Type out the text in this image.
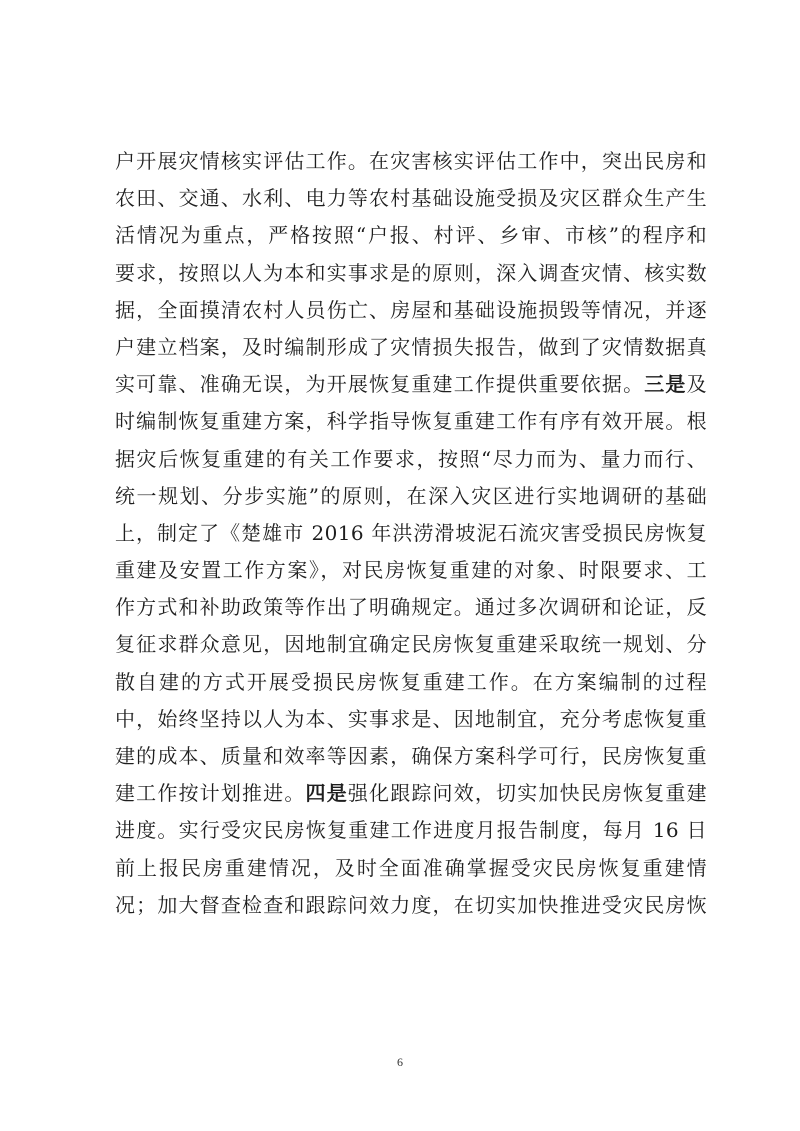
户开展灾情核实评估工作。在灾害核实评估工作中，突出民房和
农田、交通、水利、电力等农村基础设施受损及灾区群众生产生
活情况为重点，严格按照“户报、村评、乡审、市核”的程序和
要求，按照以人为本和实事求是的原则，深入调查灾情、核实数
据，全面摸清农村人员伤亡、房屋和基础设施损毁等情况，并逐
户建立档案，及时编制形成了灾情损失报告，做到了灾情数据真
实可靠、准确无误，为开展恢复重建工作提供重要依据。三是及
时编制恢复重建方案，科学指导恢复重建工作有序有效开展。根
据灾后恢复重建的有关工作要求，按照“尽力而为、量力而行、
统一规划、分步实施”的原则，在深入灾区进行实地调研的基础
上，制定了《楚雄市 2016 年洪涝滑坡泥石流灾害受损民房恢复
重建及安置工作方案》，对民房恢复重建的对象、时限要求、工
作方式和补助政策等作出了明确规定。通过多次调研和论证，反
复征求群众意见，因地制宜确定民房恢复重建采取统一规划、分
散自建的方式开展受损民房恢复重建工作。在方案编制的过程
中，始终坚持以人为本、实事求是、因地制宜，充分考虑恢复重
建的成本、质量和效率等因素，确保方案科学可行，民房恢复重
建工作按计划推进。四是强化跟踪问效，切实加快民房恢复重建
进度。实行受灾民房恢复重建工作进度月报告制度，每月 16 日
前上报民房重建情况，及时全面准确掌握受灾民房恢复重建情
况；加大督查检查和跟踪问效力度，在切实加快推进受灾民房恢
6
